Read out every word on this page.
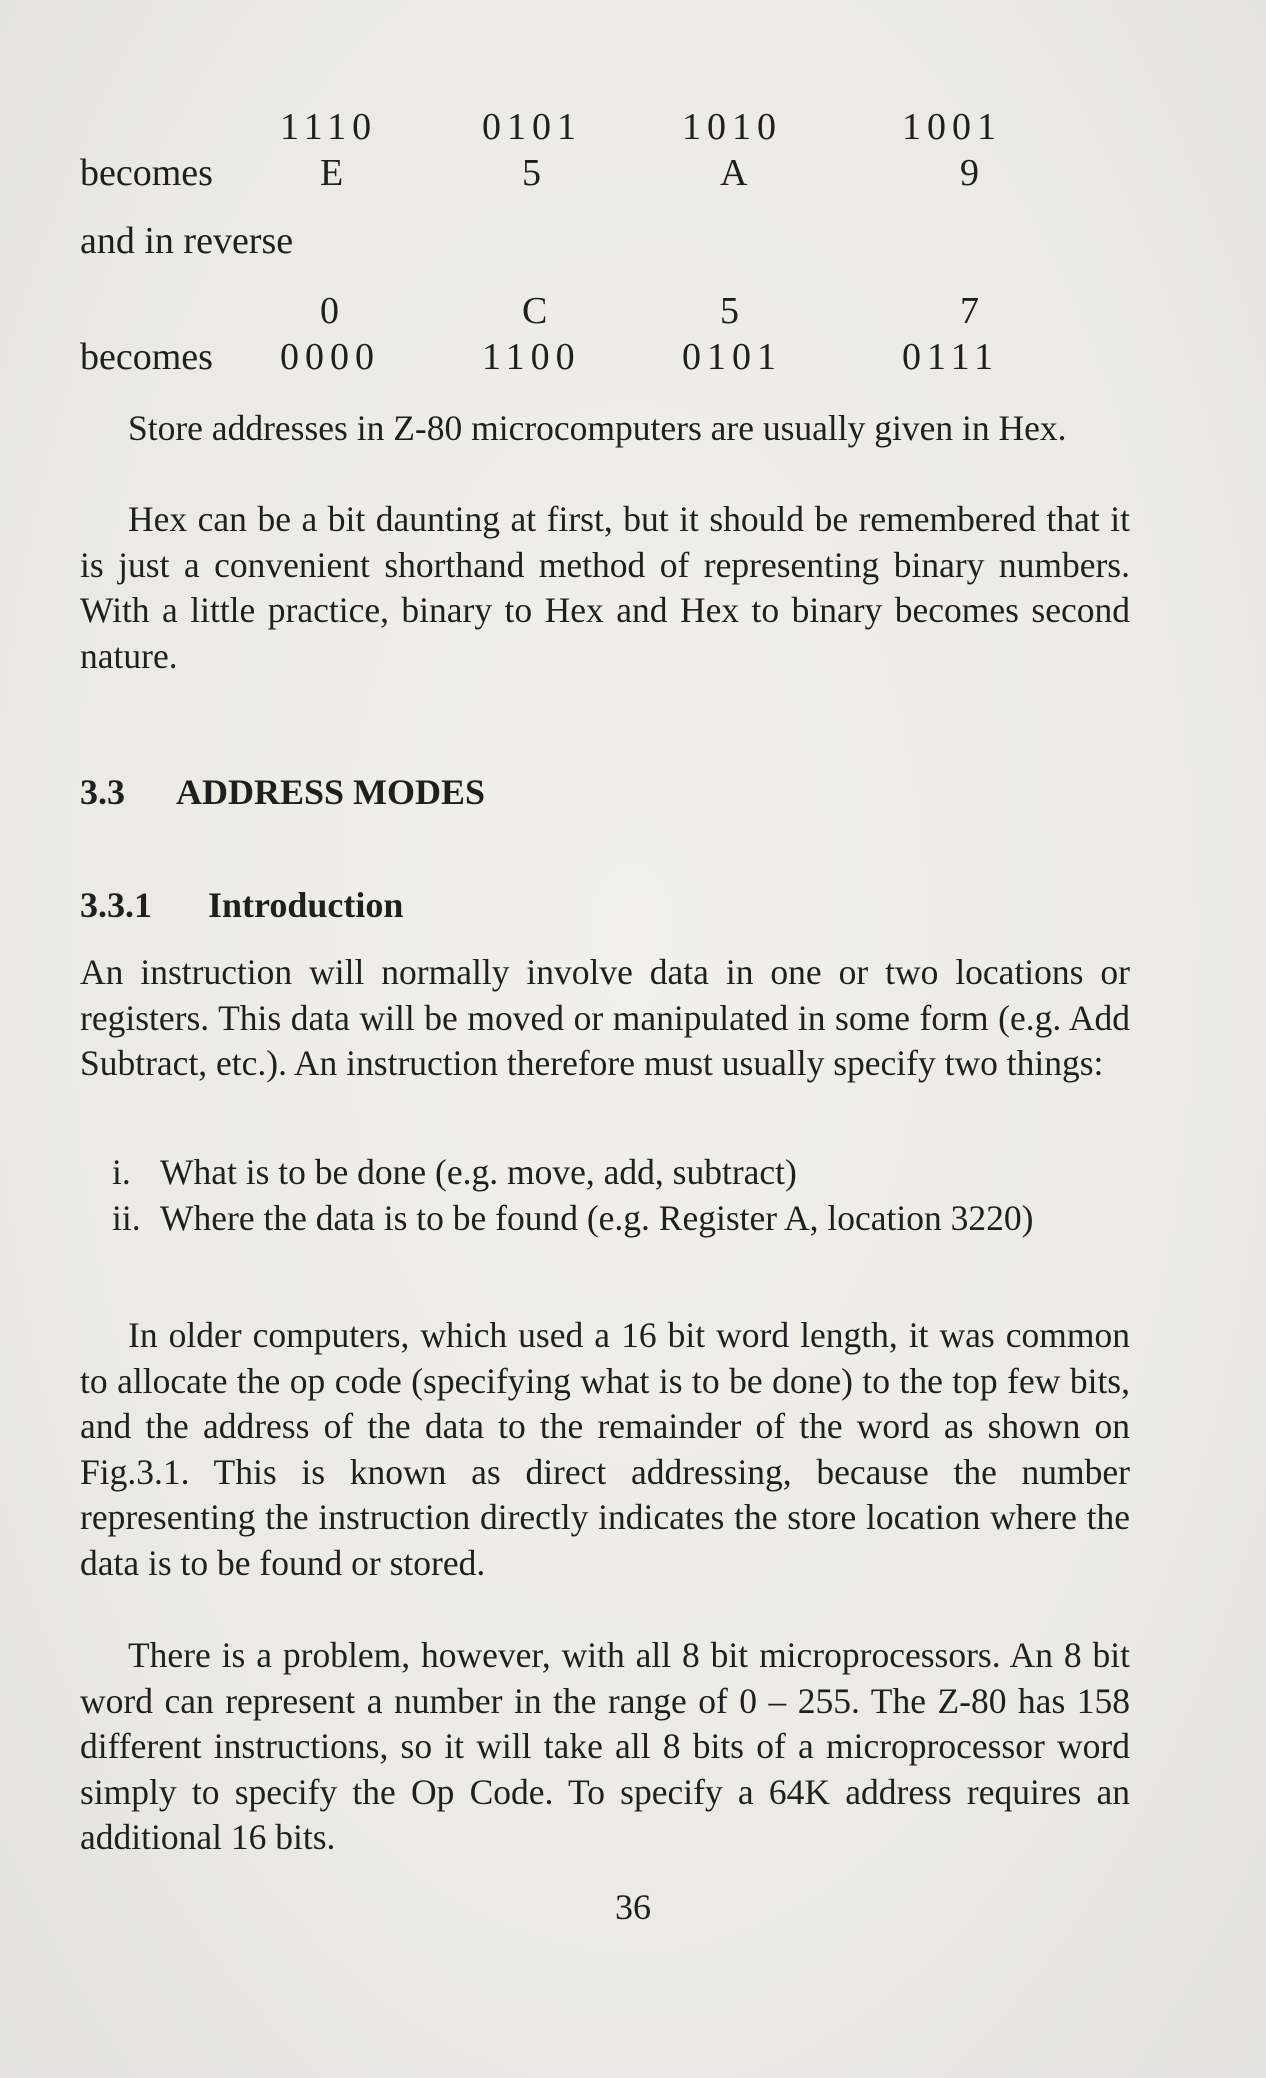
1110	0101	1010	1001
becomes	E	5	A	9
and in reverse
0	C	5	7
becomes 0000	1100	0101	0111

Store addresses in Z-80 microcomputers are usually given in Hex.

Hex can be a bit daunting at first, but it should be remembered that it is just a convenient shorthand method of representing binary numbers. With a little practice, binary to Hex and Hex to binary becomes second nature.

3.3 ADDRESS MODES
3.3.1 Introduction

An instruction will normally involve data in one or two locations or registers. This data will be moved or manipulated in some form (e.g. Add Subtract, etc.). An instruction therefore must usually specify two things:

i. What is to be done (e.g. move, add, subtract)
ii. Where the data is to be found (e.g. Register A, location 3220)

In older computers, which used a 16 bit word length, it was common to allocate the op code (specifying what is to be done) to the top few bits, and the address of the data to the remainder of the word as shown on Fig.3.1. This is known as direct addressing, because the number representing the instruction directly indicates the store location where the data is to be found or stored.

There is a problem, however, with all 8 bit microprocessors. An 8 bit word can represent a number in the range of 0 – 255. The Z-80 has 158 different instructions, so it will take all 8 bits of a microprocessor word simply to specify the Op Code. To specify a 64K address requires an additional 16 bits.

36
